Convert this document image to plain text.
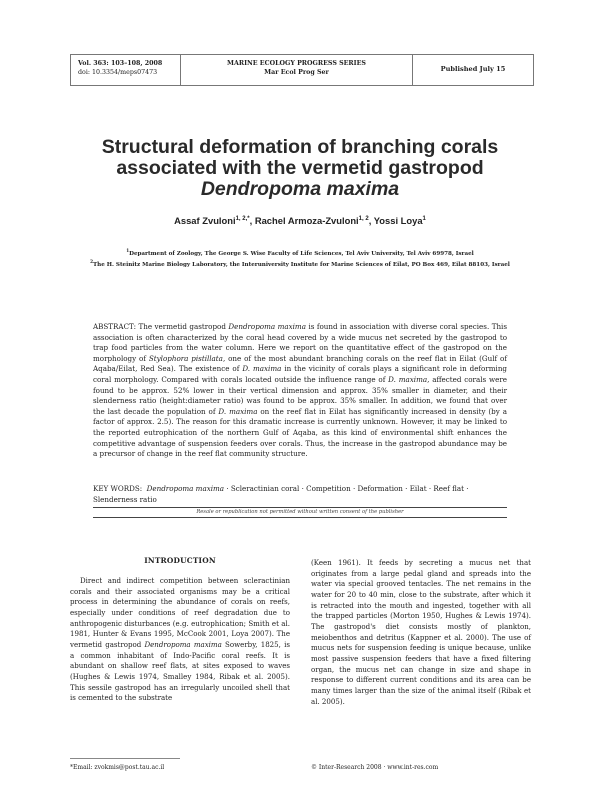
Vol. 363: 103–108, 2008
doi: 10.3354/meps07473
MARINE ECOLOGY PROGRESS SERIES
Mar Ecol Prog Ser	Published July 15
Structural deformation of branching corals
associated with the vermetid gastropod
Dendropoma maxima
Assaf Zvuloni$^{1, 2,*}$, Rachel Armoza-Zvuloni$^{1, 2}$, Yossi Loya$^1$
$^1$Department of Zoology, The George S. Wise Faculty of Life Sciences, Tel Aviv University, Tel Aviv 69978, Israel
$^2$The H. Steinitz Marine Biology Laboratory, the Interuniversity Institute for Marine Sciences of Eilat, PO Box 469, Eilat 88103, Israel
ABSTRACT: The vermetid gastropod Dendropoma maxima is found in association with diverse coral species. This association is often characterized by the coral head covered by a wide mucus net secreted by the gastropod to trap food particles from the water column. Here we report on the quantitative effect of the gastropod on the morphology of Stylophora pistillata, one of the most abundant branching corals on the reef flat in Eilat (Gulf of Aqaba/Eilat, Red Sea). The existence of D. maxima in the vicinity of corals plays a significant role in deforming coral morphology. Compared with corals located outside the influence range of D. maxima, affected corals were found to be approx. 52% lower in their vertical dimension and approx. 35% smaller in diameter, and their slenderness ratio (height:diameter ratio) was found to be approx. 35% smaller. In addition, we found that over the last decade the population of D. maxima on the reef flat in Eilat has significantly increased in density (by a factor of approx. 2.5). The reason for this dramatic increase is currently unknown. However, it may be linked to the reported eutrophication of the northern Gulf of Aqaba, as this kind of environmental shift enhances the competitive advantage of suspension feeders over corals. Thus, the increase in the gastropod abundance may be a precursor of change in the reef flat community structure.
KEY WORDS: Dendropoma maxima · Scleractinian coral · Competition · Deformation · Eilat · Reef flat · Slenderness ratio
Resale or republication not permitted without written consent of the publisher
INTRODUCTION
Direct and indirect competition between scleractinian corals and their associated organisms may be a critical process in determining the abundance of corals on reefs, especially under conditions of reef degradation due to anthropogenic disturbances (e.g. eutrophication; Smith et al. 1981, Hunter & Evans 1995, McCook 2001, Loya 2007). The vermetid gastropod Dendropoma maxima Sowerby, 1825, is a common inhabitant of Indo-Pacific coral reefs. It is abundant on shallow reef flats, at sites exposed to waves (Hughes & Lewis 1974, Smalley 1984, Ribak et al. 2005). This sessile gastropod has an irregularly uncoiled shell that is cemented to the substrate
(Keen 1961). It feeds by secreting a mucus net that originates from a large pedal gland and spreads into the water via special grooved tentacles. The net remains in the water for 20 to 40 min, close to the substrate, after which it is retracted into the mouth and ingested, together with all the trapped particles (Morton 1950, Hughes & Lewis 1974). The gastropod's diet consists mostly of plankton, meiobenthos and detritus (Kappner et al. 2000). The use of mucus nets for suspension feeding is unique because, unlike most passive suspension feeders that have a fixed filtering organ, the mucus net can change in size and shape in response to different current conditions and its area can be many times larger than the size of the animal itself (Ribak et al. 2005).
*Email: zvokmis@post.tau.ac.il	© Inter-Research 2008 · www.int-res.com
